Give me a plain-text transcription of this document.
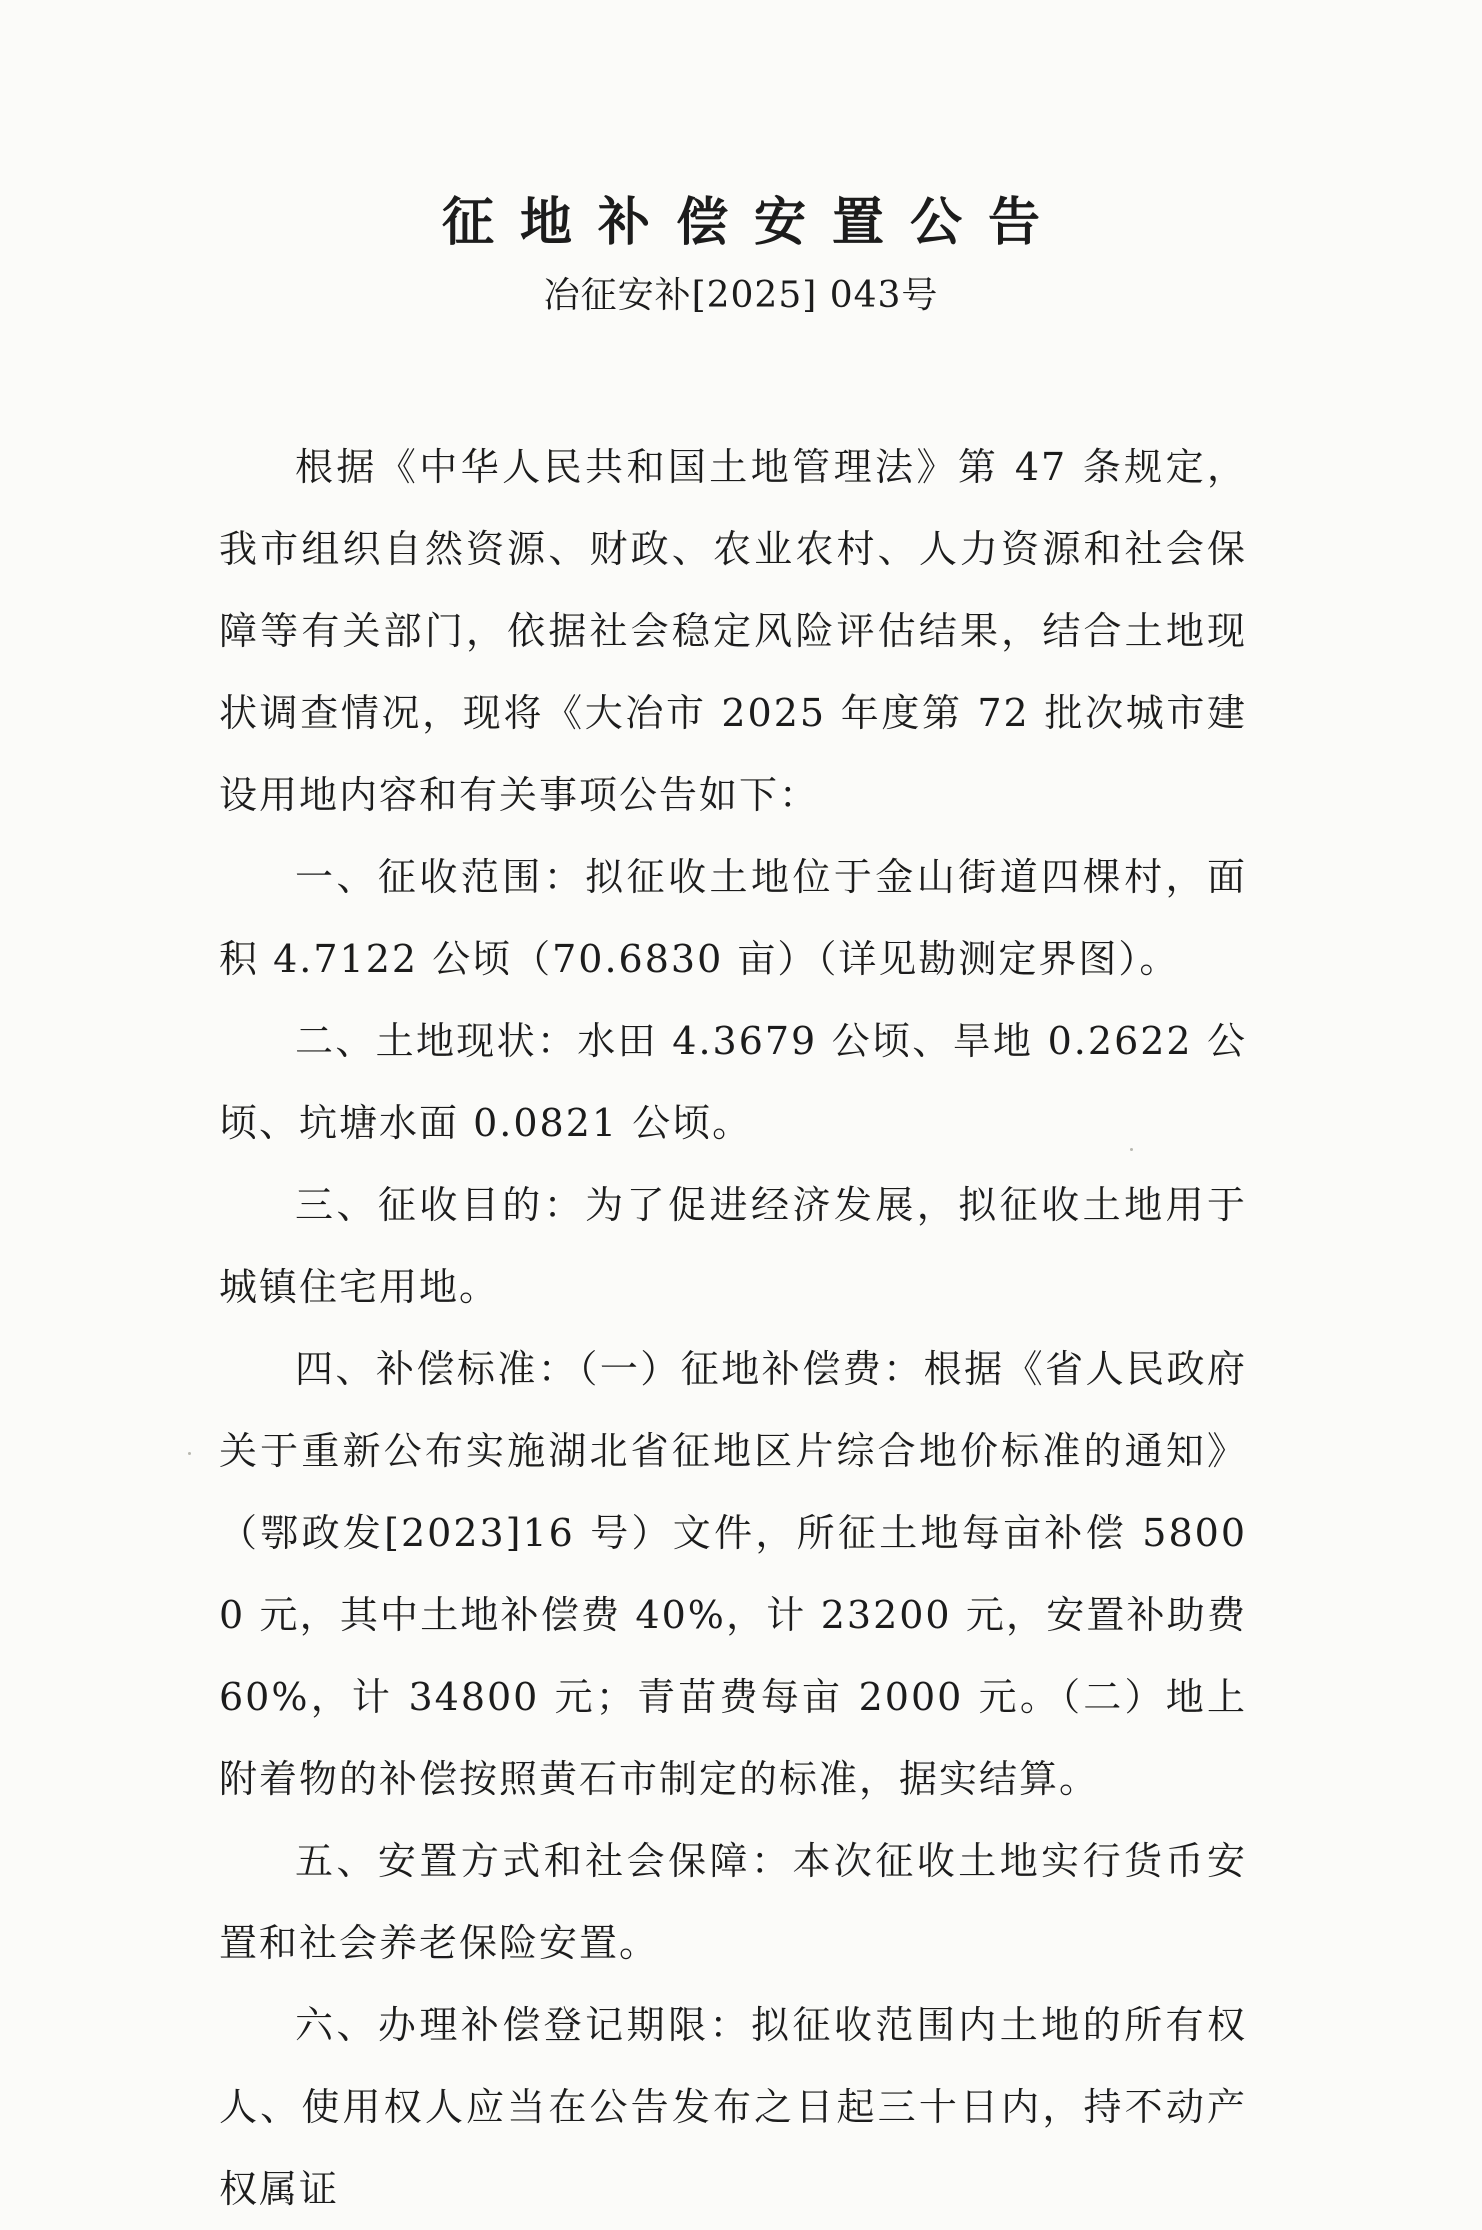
征地补偿安置公告
冶征安补[2025] 043号

根据《中华人民共和国土地管理法》第 47 条规定，我市组织自然资源、财政、农业农村、人力资源和社会保障等有关部门，依据社会稳定风险评估结果，结合土地现状调查情况，现将《大冶市 2025 年度第 72 批次城市建设用地内容和有关事项公告如下：

一、征收范围：拟征收土地位于金山街道四棵村，面积 4.7122 公顷（70.6830 亩）（详见勘测定界图）。

二、土地现状：水田 4.3679 公顷、旱地 0.2622 公顷、坑塘水面 0.0821 公顷。

三、征收目的：为了促进经济发展，拟征收土地用于城镇住宅用地。

四、补偿标准：（一）征地补偿费：根据《省人民政府关于重新公布实施湖北省征地区片综合地价标准的通知》（鄂政发[2023]16 号）文件，所征土地每亩补偿 58000 元，其中土地补偿费 40%，计 23200 元，安置补助费 60%，计 34800 元；青苗费每亩 2000 元。（二）地上附着物的补偿按照黄石市制定的标准，据实结算。

五、安置方式和社会保障：本次征收土地实行货币安置和社会养老保险安置。

六、办理补偿登记期限：拟征收范围内土地的所有权人、使用权人应当在公告发布之日起三十日内，持不动产权属证
